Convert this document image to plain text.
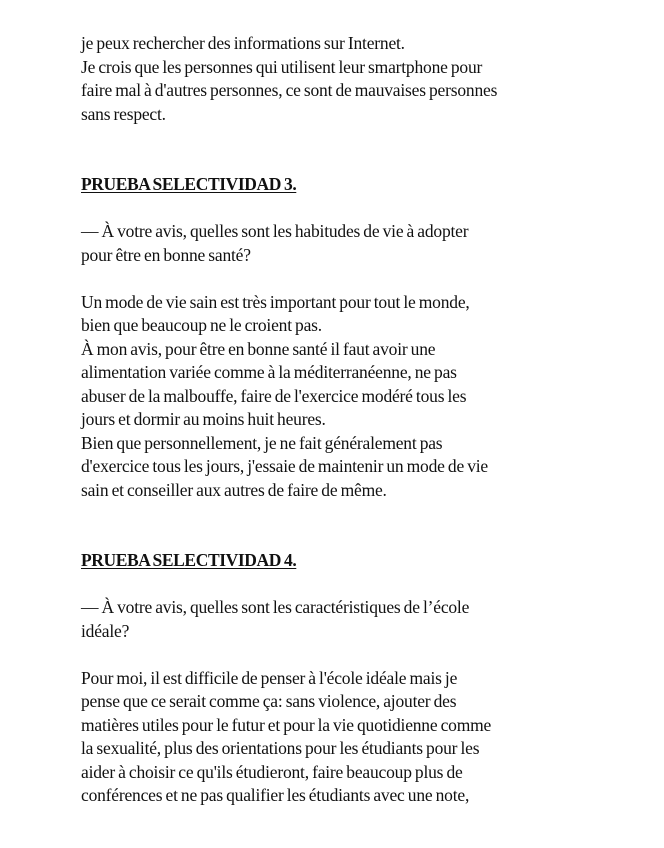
je peux rechercher des informations sur Internet.
Je crois que les personnes qui utilisent leur smartphone pour
faire mal à d'autres personnes, ce sont de mauvaises personnes
sans respect.
PRUEBA SELECTIVIDAD 3.
— À votre avis, quelles sont les habitudes de vie à adopter
pour être en bonne santé?
Un mode de vie sain est très important pour tout le monde,
bien que beaucoup ne le croient pas.
À mon avis, pour être en bonne santé il faut avoir une
alimentation variée comme à la méditerranéenne, ne pas
abuser de la malbouffe, faire de l'exercice modéré tous les
jours et dormir au moins huit heures.
Bien que personnellement, je ne fait généralement pas
d'exercice tous les jours, j'essaie de maintenir un mode de vie
sain et conseiller aux autres de faire de même.
PRUEBA SELECTIVIDAD 4.
— À votre avis, quelles sont les caractéristiques de l’école
idéale?
Pour moi, il est difficile de penser à l'école idéale mais je
pense que ce serait comme ça: sans violence, ajouter des
matières utiles pour le futur et pour la vie quotidienne comme
la sexualité, plus des orientations pour les étudiants pour les
aider à choisir ce qu'ils étudieront, faire beaucoup plus de
conférences et ne pas qualifier les étudiants avec une note,
